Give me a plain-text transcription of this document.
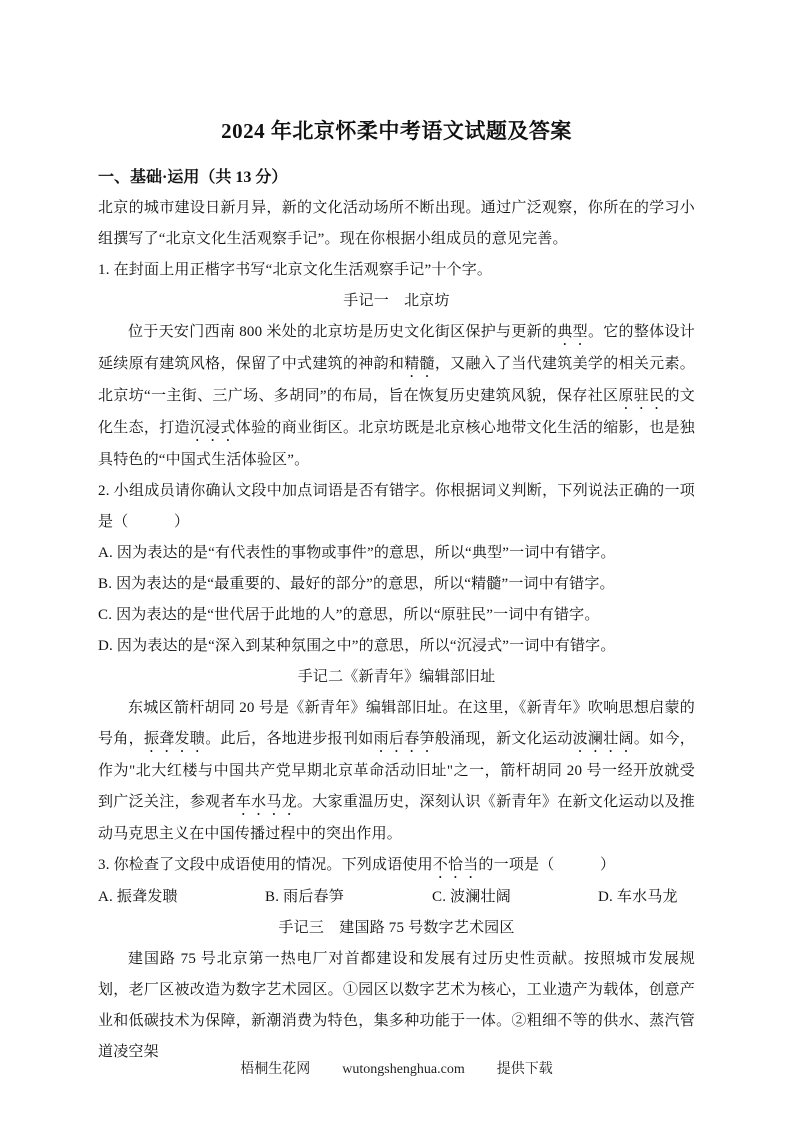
2024 年北京怀柔中考语文试题及答案
一、基础·运用（共 13 分）

北京的城市建设日新月异，新的文化活动场所不断出现。通过广泛观察，你所在的学习小组撰写了“北京文化生活观察手记”。现在你根据小组成员的意见完善。

1. 在封面上用正楷字书写“北京文化生活观察手记”十个字。

手记一　北京坊

位于天安门西南 800 米处的北京坊是历史文化街区保护与更新的典型。它的整体设计延续原有建筑风格，保留了中式建筑的神韵和精髓，又融入了当代建筑美学的相关元素。北京坊“一主街、三广场、多胡同”的布局，旨在恢复历史建筑风貌，保存社区原驻民的文化生态，打造沉浸式体验的商业街区。北京坊既是北京核心地带文化生活的缩影，也是独具特色的“中国式生活体验区”。

2. 小组成员请你确认文段中加点词语是否有错字。你根据词义判断，下列说法正确的一项是（　　　）

A. 因为表达的是“有代表性的事物或事件”的意思，所以“典型”一词中有错字。

B. 因为表达的是“最重要的、最好的部分”的意思，所以“精髓”一词中有错字。

C. 因为表达的是“世代居于此地的人”的意思，所以“原驻民”一词中有错字。

D. 因为表达的是“深入到某种氛围之中”的意思，所以“沉浸式”一词中有错字。

手记二《新青年》编辑部旧址

东城区箭杆胡同 20 号是《新青年》编辑部旧址。在这里，《新青年》吹响思想启蒙的号角，振聋发聩。此后，各地进步报刊如雨后春笋般涌现，新文化运动波澜壮阔。如今，作为"北大红楼与中国共产党早期北京革命活动旧址"之一，箭杆胡同 20 号一经开放就受到广泛关注，参观者车水马龙。大家重温历史，深刻认识《新青年》在新文化运动以及推动马克思主义在中国传播过程中的突出作用。

3. 你检查了文段中成语使用的情况。下列成语使用不恰当的一项是（　　　）

A. 振聋发聩	B. 雨后春笋	C. 波澜壮阔	D. 车水马龙

手记三　建国路 75 号数字艺术园区

建国路 75 号北京第一热电厂对首都建设和发展有过历史性贡献。按照城市发展规划，老厂区被改造为数字艺术园区。①园区以数字艺术为核心，工业遗产为载体，创意产业和低碳技术为保障，新潮消费为特色，集多种功能于一体。②粗细不等的供水、蒸汽管道凌空架

梧桐生花网 wutongshenghua.com 提供下载
